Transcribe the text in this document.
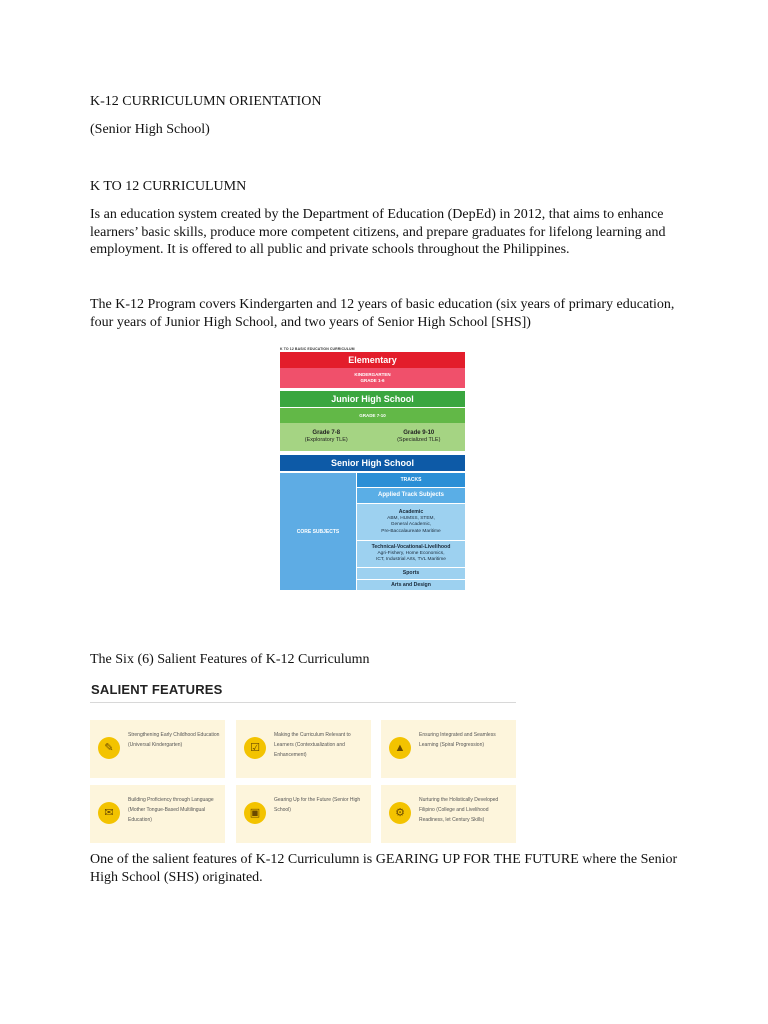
K-12 CURRICULUMN ORIENTATION

(Senior High School)

K TO 12 CURRICULUMN

Is an education system created by the Department of Education (DepEd) in 2012, that aims to enhance learners’ basic skills, produce more competent citizens, and prepare graduates for lifelong learning and employment. It is offered to all public and private schools throughout the Philippines.

The K-12 Program covers Kindergarten and 12 years of basic education (six years of primary education, four years of Junior High School, and two years of Senior High School [SHS])

K TO 12 BASIC EDUCATION CURRICULUM
Elementary
KINDERGARTEN
GRADE 1-6
Junior High School
GRADE 7-10
Grade 7-8
(Exploratory TLE)
Grade 9-10
(Specialized TLE)
Senior High School
CORE SUBJECTS
TRACKS
Applied Track Subjects
Academic
ABM, HUMSS, STEM,
General Academic,
Pre-Baccalaureate Maritime
Technical-Vocational-Livelihood
Agri-Fishery, Home Economics,
ICT, Industrial Arts, TVL Maritime
Sports
Arts and Design

The Six (6) Salient Features of K-12 Curriculumn

SALIENT FEATURES
✎
Strengthening Early Childhood Education (Universal Kindergarten)	☑
Making the Curriculum Relevant to Learners (Contextualization and Enhancement)
▲
Ensuring Integrated and Seamless Learning (Spiral Progression)
✉
Building Proficiency through Language (Mother Tongue-Based Multilingual Education)
▣
Gearing Up for the Future (Senior High School)	⚙
Nurturing the Holistically Developed Filipino (College and Livelihood Readiness, let Century Skills)

One of the salient features of K-12 Curriculumn is GEARING UP FOR THE FUTURE where the Senior High School (SHS) originated.
